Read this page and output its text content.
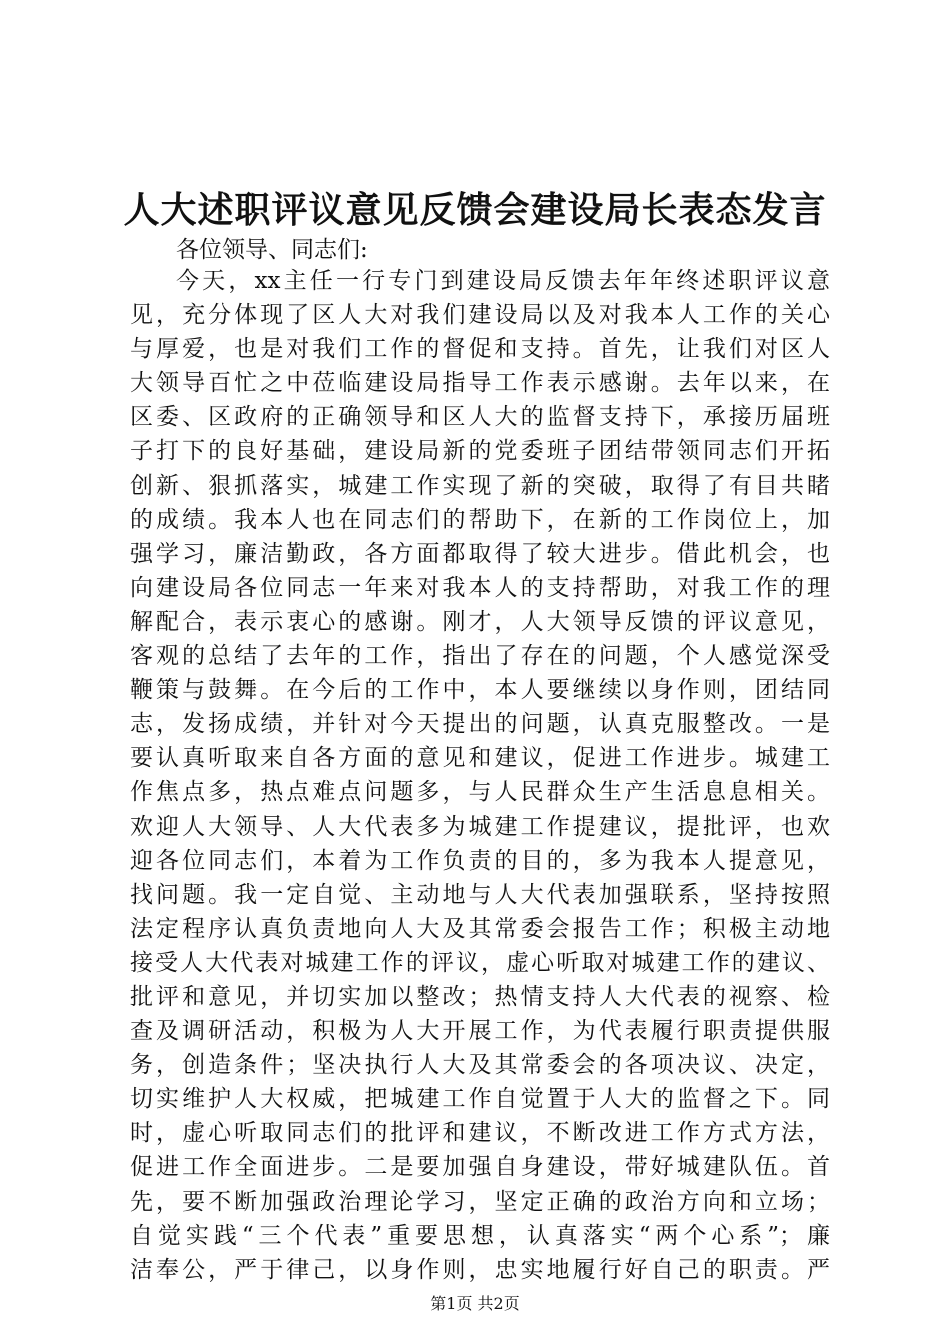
人大述职评议意见反馈会建设局长表态发言
各位领导、同志们:
今天，xx主任一行专门到建设局反馈去年年终述职评议意
见，充分体现了区人大对我们建设局以及对我本人工作的关心
与厚爱，也是对我们工作的督促和支持。首先，让我们对区人
大领导百忙之中莅临建设局指导工作表示感谢。去年以来，在
区委、区政府的正确领导和区人大的监督支持下，承接历届班
子打下的良好基础，建设局新的党委班子团结带领同志们开拓
创新、狠抓落实，城建工作实现了新的突破，取得了有目共睹
的成绩。我本人也在同志们的帮助下，在新的工作岗位上，加
强学习，廉洁勤政，各方面都取得了较大进步。借此机会，也
向建设局各位同志一年来对我本人的支持帮助，对我工作的理
解配合，表示衷心的感谢。刚才，人大领导反馈的评议意见，
客观的总结了去年的工作，指出了存在的问题，个人感觉深受
鞭策与鼓舞。在今后的工作中，本人要继续以身作则，团结同
志，发扬成绩，并针对今天提出的问题，认真克服整改。一是
要认真听取来自各方面的意见和建议，促进工作进步。城建工
作焦点多，热点难点问题多，与人民群众生产生活息息相关。
欢迎人大领导、人大代表多为城建工作提建议，提批评，也欢
迎各位同志们，本着为工作负责的目的，多为我本人提意见，
找问题。我一定自觉、主动地与人大代表加强联系，坚持按照
法定程序认真负责地向人大及其常委会报告工作；积极主动地
接受人大代表对城建工作的评议，虚心听取对城建工作的建议、
批评和意见，并切实加以整改；热情支持人大代表的视察、检
查及调研活动，积极为人大开展工作，为代表履行职责提供服
务，创造条件；坚决执行人大及其常委会的各项决议、决定，
切实维护人大权威，把城建工作自觉置于人大的监督之下。同
时，虚心听取同志们的批评和建议，不断改进工作方式方法，
促进工作全面进步。二是要加强自身建设，带好城建队伍。首
先，要不断加强政治理论学习，坚定正确的政治方向和立场；
自觉实践“三个代表”重要思想，认真落实“两个心系”；廉
洁奉公，严于律己，以身作则，忠实地履行好自己的职责。严
第1页 共2页
